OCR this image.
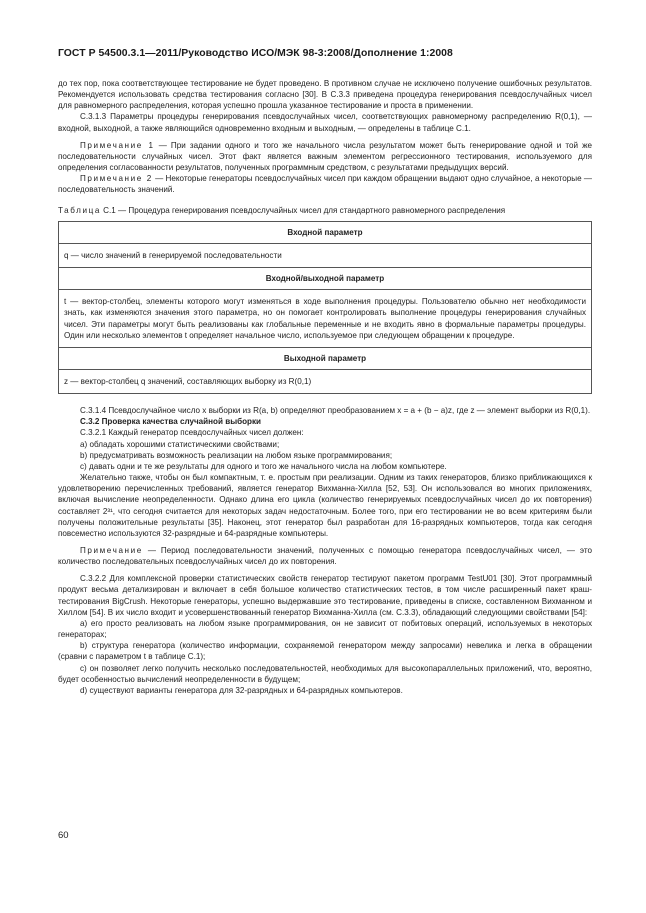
ГОСТ Р 54500.3.1—2011/Руководство ИСО/МЭК 98-3:2008/Дополнение 1:2008

до тех пор, пока соответствующее тестирование не будет проведено. В противном случае не исключено получение ошибочных результатов. Рекомендуется использовать средства тестирования согласно [30]. В С.3.3 приведена процедура генерирования псевдослучайных чисел для равномерного распределения, которая успешно прошла указанное тестирование и проста в применении.

С.3.1.3 Параметры процедуры генерирования псевдослучайных чисел, соответствующих равномерному распределению R(0,1), — входной, выходной, а также являющийся одновременно входным и выходным, — определены в таблице С.1.

Примечание 1 — При задании одного и того же начального числа результатом может быть генерирование одной и той же последовательности случайных чисел. Этот факт является важным элементом регрессионного тестирования, используемого для определения согласованности результатов, полученных программным средством, с результатами предыдущих версий.

Примечание 2 — Некоторые генераторы псевдослучайных чисел при каждом обращении выдают одно случайное, а некоторые — последовательность значений.

Таблица С.1 — Процедура генерирования псевдослучайных чисел для стандартного равномерного распределения
Входной параметр
q — число значений в генерируемой последовательности
Входной/выходной параметр
t — вектор-столбец, элементы которого могут изменяться в ходе выполнения процедуры. Пользователю обычно нет необходимости знать, как изменяются значения этого параметра, но он помогает контролировать выполнение процедуры генерирования случайных чисел. Эти параметры могут быть реализованы как глобальные переменные и не входить явно в формальные параметры процедуры. Один или несколько элементов t определяет начальное число, используемое при следующем обращении к процедуре.
Выходной параметр
z — вектор-столбец q значений, составляющих выборку из R(0,1)

С.3.1.4 Псевдослучайное число x выборки из R(a, b) определяют преобразованием x = a + (b − a)z, где z — элемент выборки из R(0,1).

С.3.2 Проверка качества случайной выборки

С.3.2.1 Каждый генератор псевдослучайных чисел должен:

а) обладать хорошими статистическими свойствами;

b) предусматривать возможность реализации на любом языке программирования;

c) давать одни и те же результаты для одного и того же начального числа на любом компьютере.

Желательно также, чтобы он был компактным, т. е. простым при реализации. Одним из таких генераторов, близко приближающихся к удовлетворению перечисленных требований, является генератор Вихманна-Хилла [52, 53]. Он использовался во многих приложениях, включая вычисление неопределенности. Однако длина его цикла (количество генерируемых псевдослучайных чисел до их повторения) составляет 2³¹, что сегодня считается для некоторых задач недостаточным. Более того, при его тестировании не во всем критериям были получены положительные результаты [35]. Наконец, этот генератор был разработан для 16-разрядных компьютеров, тогда как сегодня повсеместно используются 32-разрядные и 64-разрядные компьютеры.

Примечание — Период последовательности значений, полученных с помощью генератора псевдослучайных чисел, — это количество последовательных псевдослучайных чисел до их повторения.

С.3.2.2 Для комплексной проверки статистических свойств генератор тестируют пакетом программ TestU01 [30]. Этот программный продукт весьма детализирован и включает в себя большое количество статистических тестов, в том числе расширенный пакет краш-тестирования BigCrush. Некоторые генераторы, успешно выдержавшие это тестирование, приведены в списке, составленном Вихманном и Хиллом [54]. В их число входит и усовершенствованный генератор Вихманна-Хилла (см. С.3.3), обладающий следующими свойствами [54]:

а) его просто реализовать на любом языке программирования, он не зависит от побитовых операций, используемых в некоторых генераторах;

b) структура генератора (количество информации, сохраняемой генератором между запросами) невелика и легка в обращении (сравни с параметром t в таблице С.1);

c) он позволяет легко получить несколько последовательностей, необходимых для высокопараллельных приложений, что, вероятно, будет особенностью вычислений неопределенности в будущем;

d) существуют варианты генератора для 32-разрядных и 64-разрядных компьютеров.

60
